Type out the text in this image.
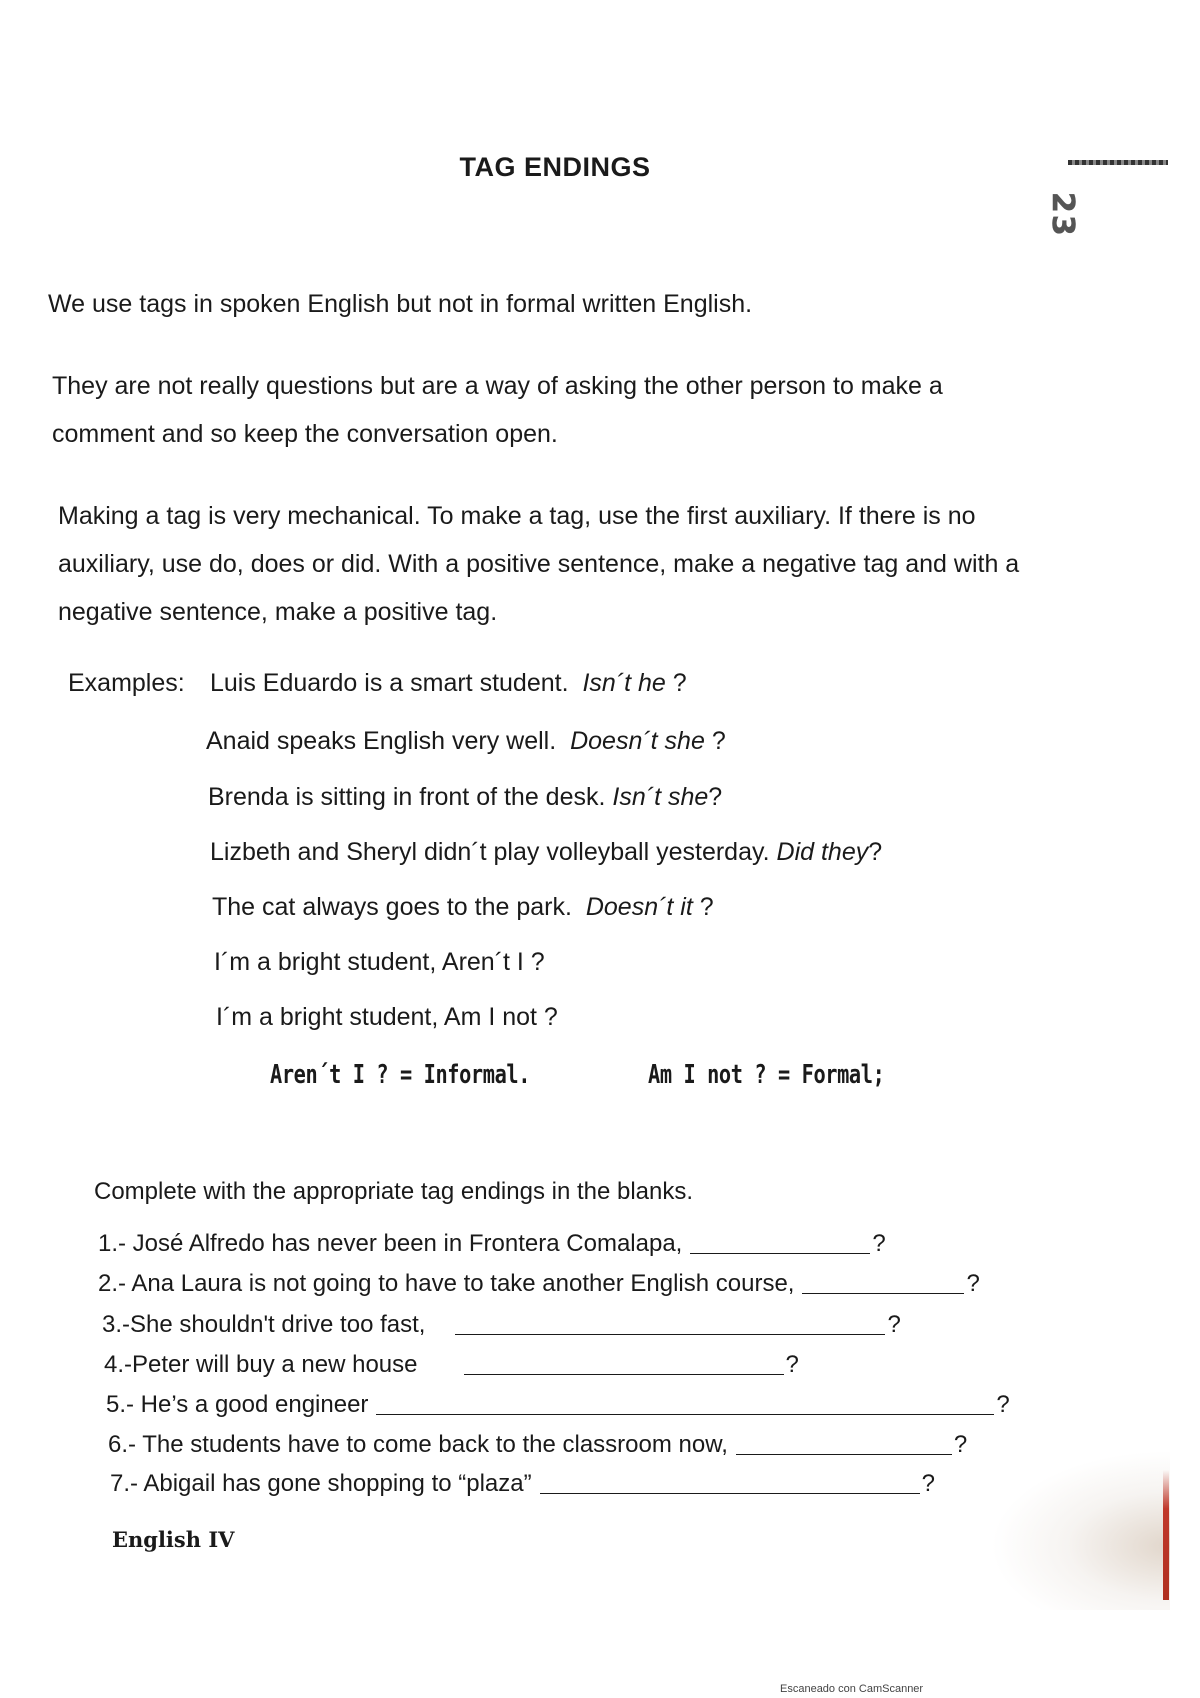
TAG ENDINGS
23
We use tags in spoken English but not in formal written English.
They are not really questions but are a way of asking the other person to make a comment and so keep the conversation open.
Making a tag is very mechanical. To make a tag, use the first auxiliary. If there is no auxiliary, use do, does or did. With a positive sentence, make a negative tag and with a negative sentence, make a positive tag.
Examples: Luis Eduardo is a smart student. Isn´t he ?
Anaid speaks English very well. Doesn´t she ?
Brenda is sitting in front of the desk. Isn´t she?
Lizbeth and Sheryl didn´t play volleyball yesterday. Did they?
The cat always goes to the park. Doesn´t it ?
I´m a bright student, Aren´t I ?
I´m a bright student, Am I not ?
Aren´t I ? = Informal.	Am I not ? = Formal;
Complete with the appropriate tag endings in the blanks.
1.- José Alfredo has never been in Frontera Comalapa,	?
2.- Ana Laura is not going to have to take another English course,	?
3.-She shouldn't drive too fast,	?
4.-Peter will buy a new house	?
5.- He’s a good engineer	?
6.- The students have to come back to the classroom now,	?
7.- Abigail has gone shopping to “plaza”	?
English IV
Escaneado con CamScanner
